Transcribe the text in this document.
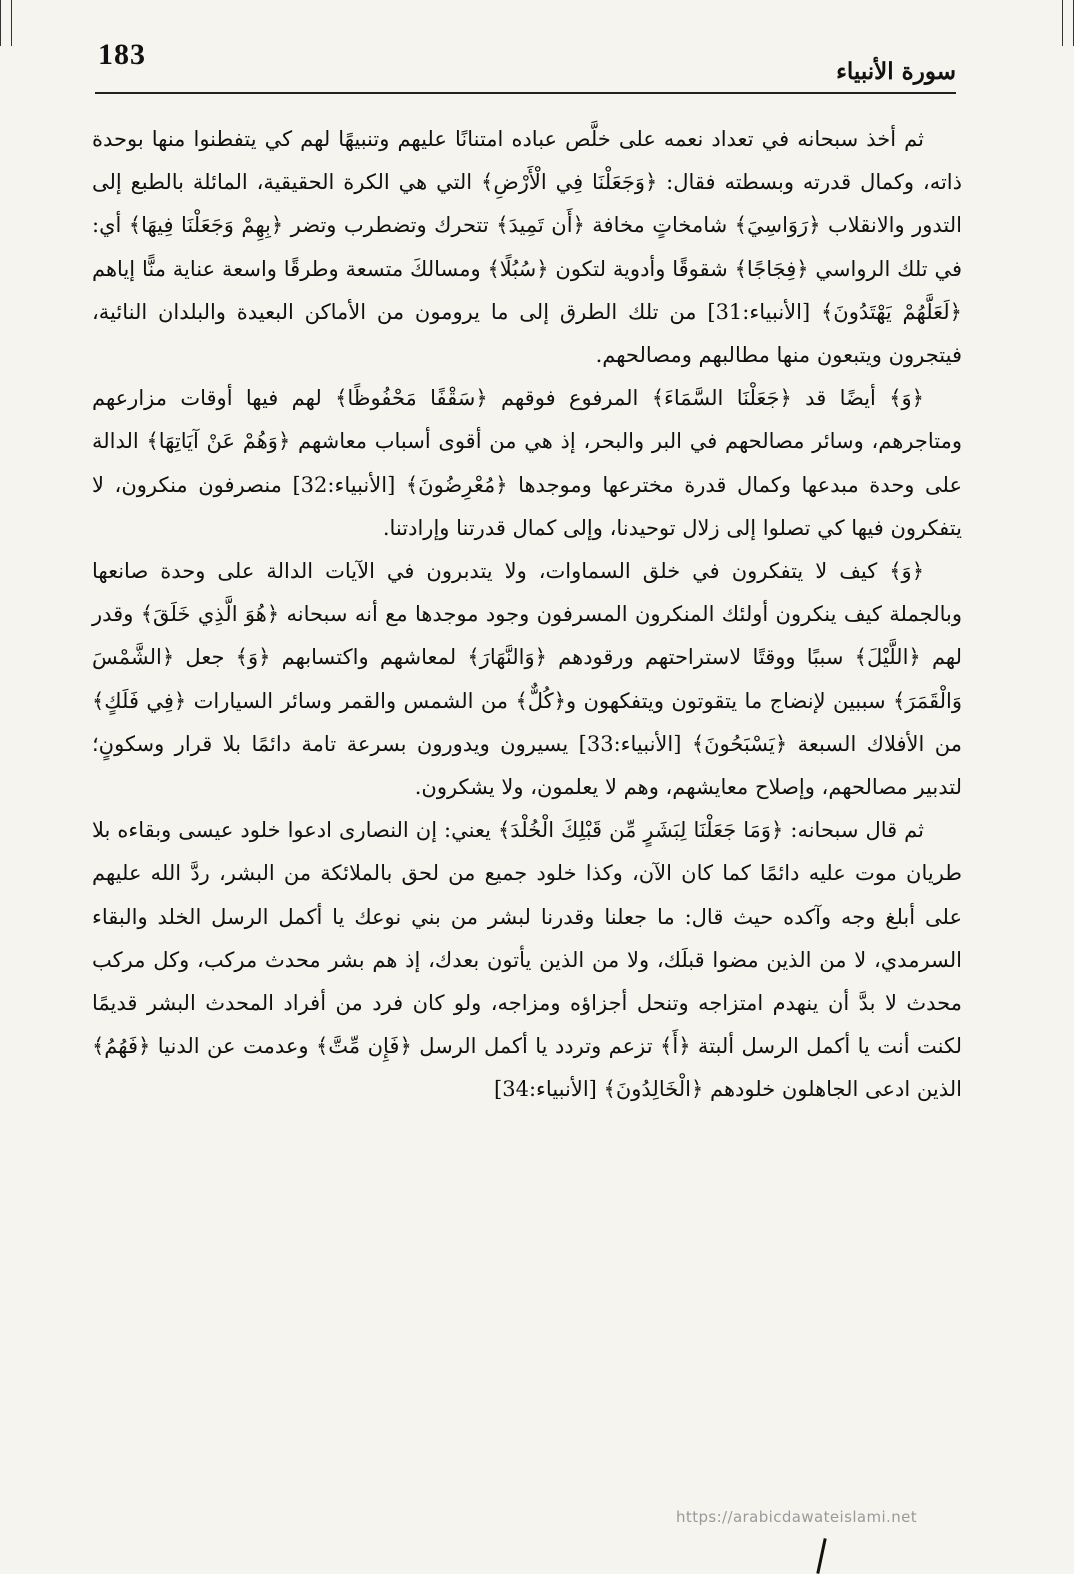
183
سورة الأنبياء

ثم أخذ سبحانه في تعداد نعمه على خلَّص عباده امتنانًا عليهم وتنبيهًا لهم كي يتفطنوا منها بوحدة ذاته، وكمال قدرته وبسطته فقال: ﴿وَجَعَلْنَا فِي الْأَرْضِ﴾ التي هي الكرة الحقيقية، المائلة بالطبع إلى التدور والانقلاب ﴿رَوَاسِيَ﴾ شامخاتٍ مخافة ﴿أَن تَمِيدَ﴾ تتحرك وتضطرب وتضر ﴿بِهِمْ وَجَعَلْنَا فِيهَا﴾ أي: في تلك الرواسي ﴿فِجَاجًا﴾ شقوقًا وأدوية لتكون ﴿سُبُلًا﴾ ومسالكَ متسعة وطرقًا واسعة عناية منًّا إياهم ﴿لَعَلَّهُمْ يَهْتَدُونَ﴾ [الأنبياء:31] من تلك الطرق إلى ما يرومون من الأماكن البعيدة والبلدان النائية، فيتجرون ويتبعون منها مطالبهم ومصالحهم.

﴿وَ﴾ أيضًا قد ﴿جَعَلْنَا السَّمَاءَ﴾ المرفوع فوقهم ﴿سَقْفًا مَحْفُوظًا﴾ لهم فيها أوقات مزارعهم ومتاجرهم، وسائر مصالحهم في البر والبحر، إذ هي من أقوى أسباب معاشهم ﴿وَهُمْ عَنْ آيَاتِهَا﴾ الدالة على وحدة مبدعها وكمال قدرة مخترعها وموجدها ﴿مُعْرِضُونَ﴾ [الأنبياء:32] منصرفون منكرون، لا يتفكرون فيها كي تصلوا إلى زلال توحيدنا، وإلى كمال قدرتنا وإرادتنا.

﴿وَ﴾ كيف لا يتفكرون في خلق السماوات، ولا يتدبرون في الآيات الدالة على وحدة صانعها وبالجملة كيف ينكرون أولئك المنكرون المسرفون وجود موجدها مع أنه سبحانه ﴿هُوَ الَّذِي خَلَقَ﴾ وقدر لهم ﴿اللَّيْلَ﴾ سببًا ووقتًا لاستراحتهم ورقودهم ﴿وَالنَّهَارَ﴾ لمعاشهم واكتسابهم ﴿وَ﴾ جعل ﴿الشَّمْسَ وَالْقَمَرَ﴾ سببين لإنضاج ما يتقوتون ويتفكهون و﴿كُلٌّ﴾ من الشمس والقمر وسائر السيارات ﴿فِي فَلَكٍ﴾ من الأفلاك السبعة ﴿يَسْبَحُونَ﴾ [الأنبياء:33] يسيرون ويدورون بسرعة تامة دائمًا بلا قرار وسكونٍ؛ لتدبير مصالحهم، وإصلاح معايشهم، وهم لا يعلمون، ولا يشكرون.

ثم قال سبحانه: ﴿وَمَا جَعَلْنَا لِبَشَرٍ مِّن قَبْلِكَ الْخُلْدَ﴾ يعني: إن النصارى ادعوا خلود عيسى وبقاءه بلا طريان موت عليه دائمًا كما كان الآن، وكذا خلود جميع من لحق بالملائكة من البشر، ردَّ الله عليهم على أبلغ وجه وآكده حيث قال: ما جعلنا وقدرنا لبشر من بني نوعك يا أكمل الرسل الخلد والبقاء السرمدي، لا من الذين مضوا قبلَك، ولا من الذين يأتون بعدك، إذ هم بشر محدث مركب، وكل مركب محدث لا بدَّ أن ينهدم امتزاجه وتنحل أجزاؤه ومزاجه، ولو كان فرد من أفراد المحدث البشر قديمًا لكنت أنت يا أكمل الرسل ألبتة ﴿أَ﴾ تزعم وتردد يا أكمل الرسل ﴿فَإِن مِّتَّ﴾ وعدمت عن الدنيا ﴿فَهُمُ﴾ الذين ادعى الجاهلون خلودهم ﴿الْخَالِدُونَ﴾ [الأنبياء:34]

https://arabicdawateislami.net
